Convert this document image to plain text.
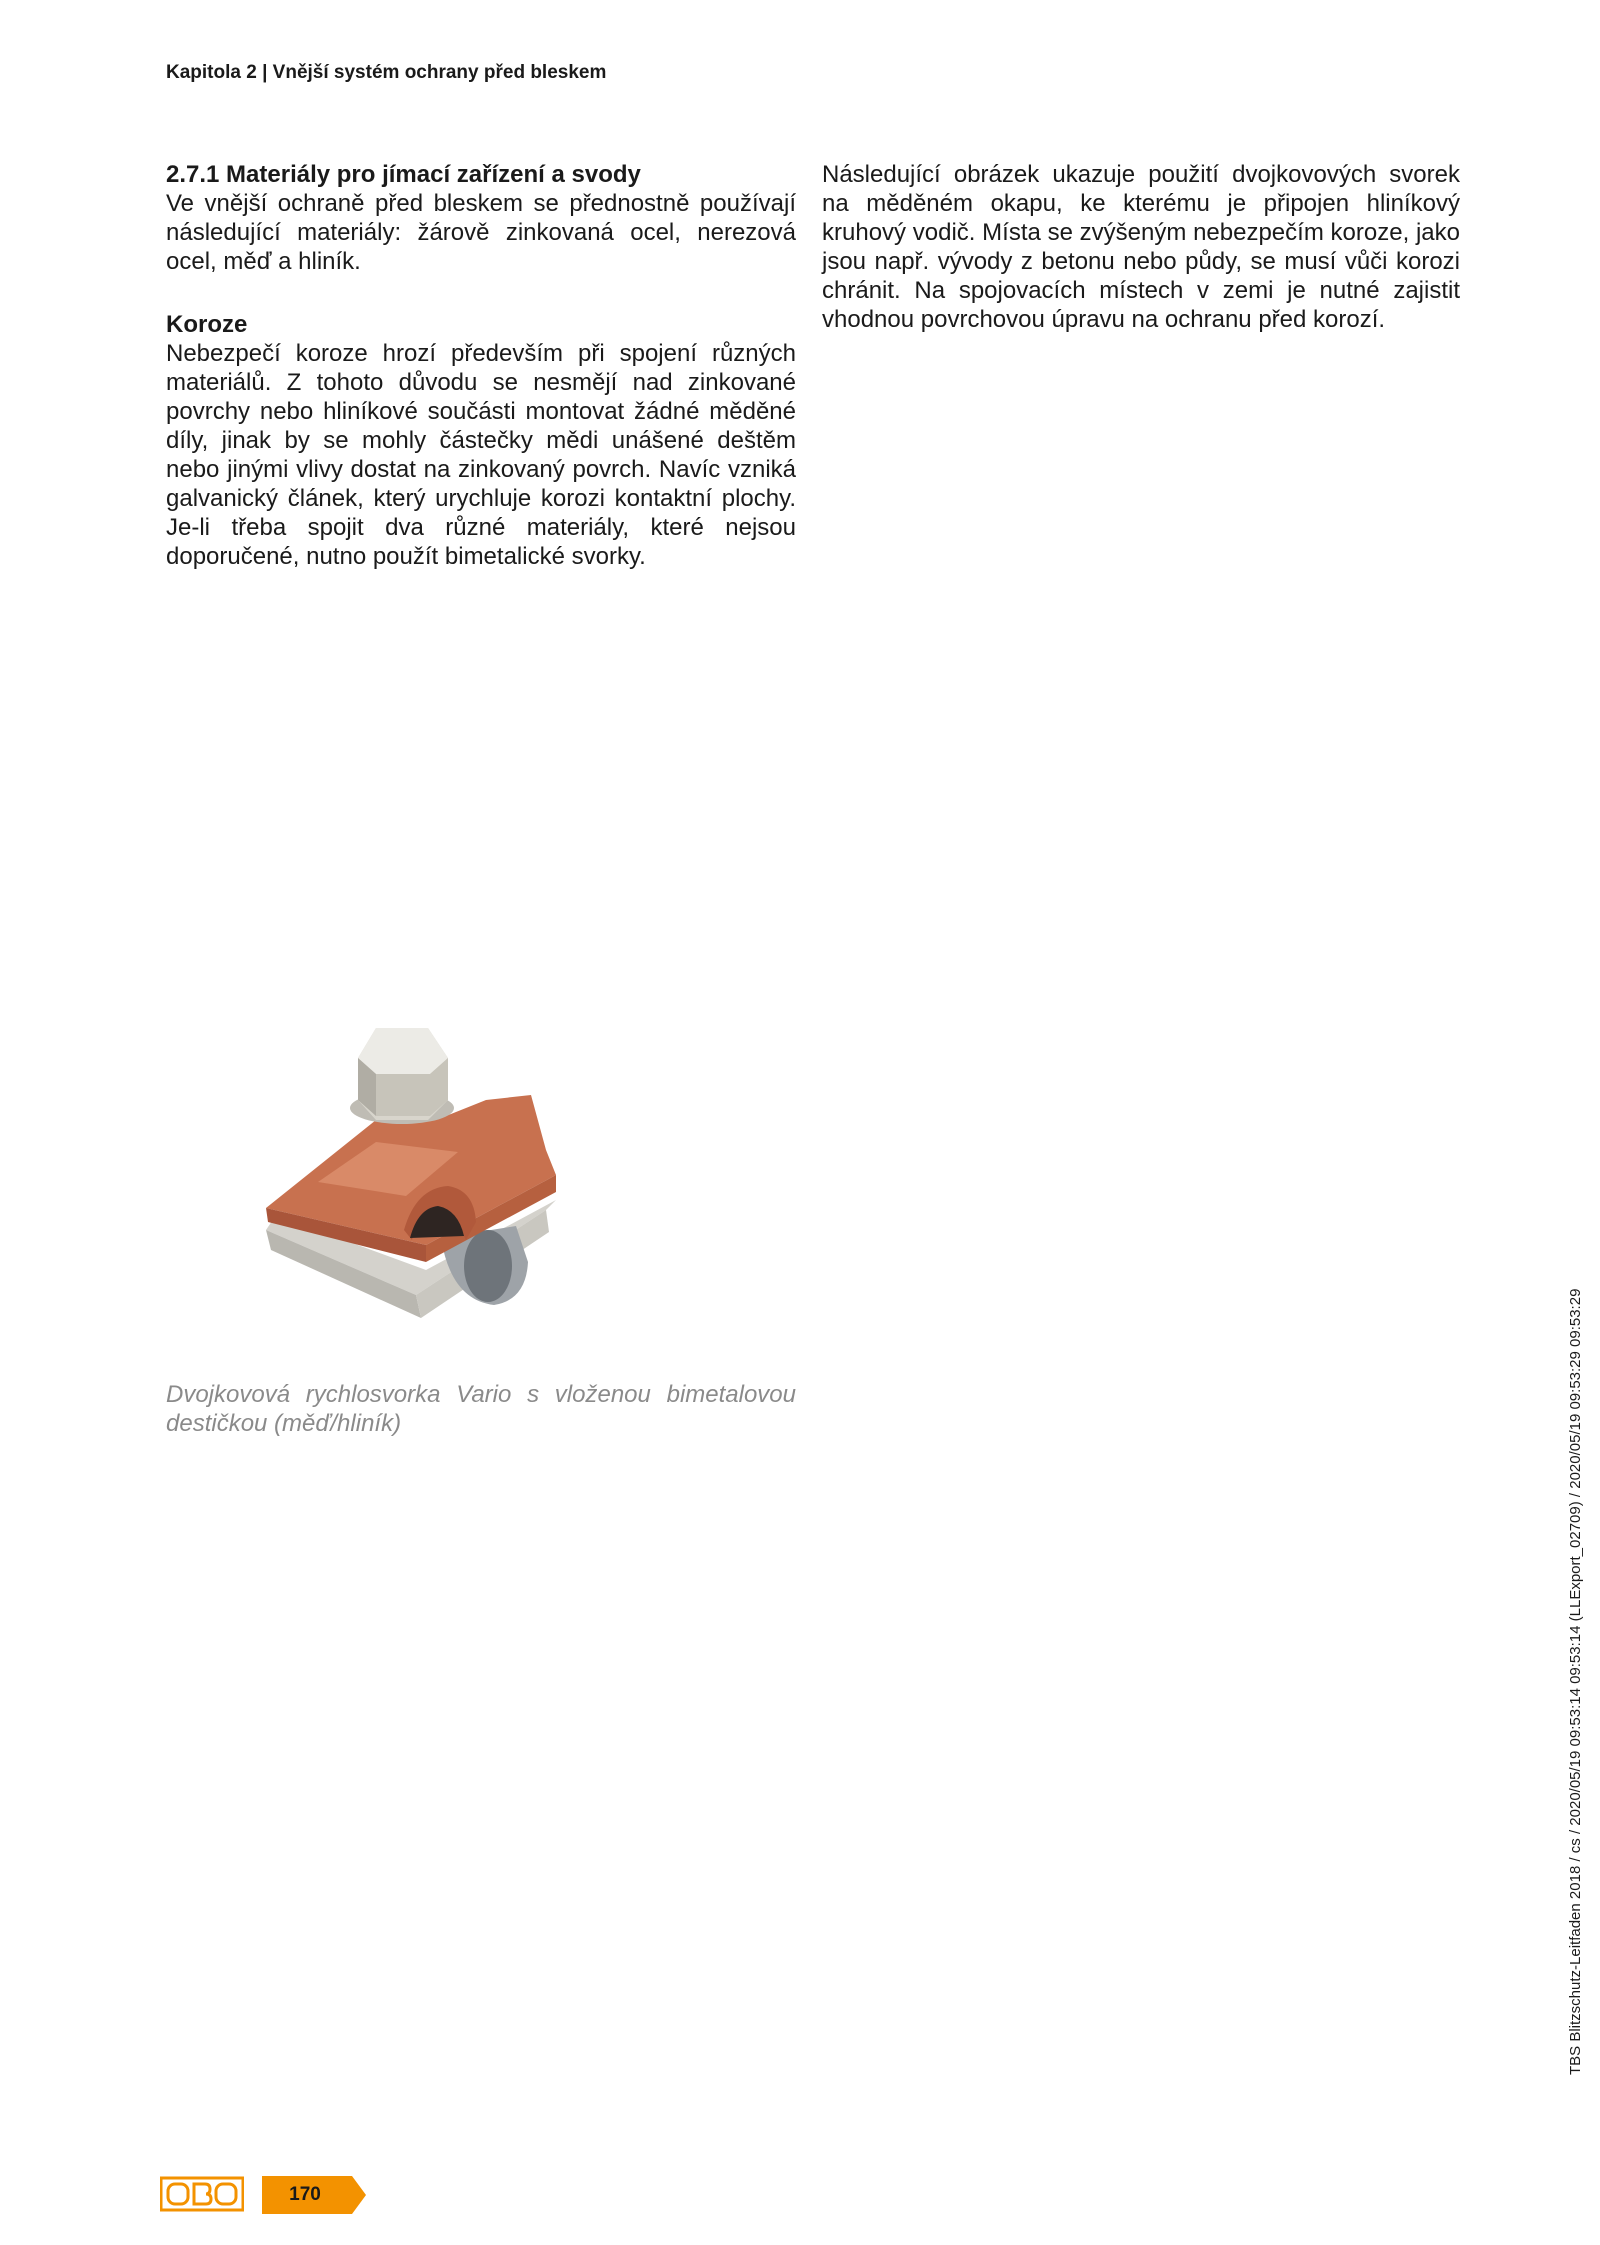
Kapitola 2 | Vnější systém ochrany před bleskem
2.7.1 Materiály pro jímací zařízení a svody

Ve vnější ochraně před bleskem se přednostně používají následující materiály: žárově zinkovaná ocel, nerezová ocel, měď a hliník.

Koroze

Nebezpečí koroze hrozí především při spojení různých materiálů. Z tohoto důvodu se nesmějí nad zinkované povrchy nebo hliníkové součásti montovat žádné měděné díly, jinak by se mohly částečky mědi unášené deštěm nebo jinými vlivy dostat na zinkovaný povrch. Navíc vzniká galvanický článek, který urychluje korozi kontaktní plochy. Je-li třeba spojit dva různé materiály, které nejsou doporučené, nutno použít bimetalické svorky.

Následující obrázek ukazuje použití dvojkovových svorek na měděném okapu, ke kterému je připojen hliníkový kruhový vodič. Místa se zvýšeným nebezpečím koroze, jako jsou např. vývody z betonu nebo půdy, se musí vůči korozi chránit. Na spojovacích místech v zemi je nutné zajistit vhodnou povrchovou úpravu na ochranu před korozí.

Dvojkovová rychlosvorka Vario s vloženou bimetalovou destičkou (měď/hliník)	TBS Blitzschutz-Leitfaden 2018 / cs / 2020/05/19 09:53:14 09:53:14 (LLExport_02709) / 2020/05/19 09:53:29 09:53:29
170
